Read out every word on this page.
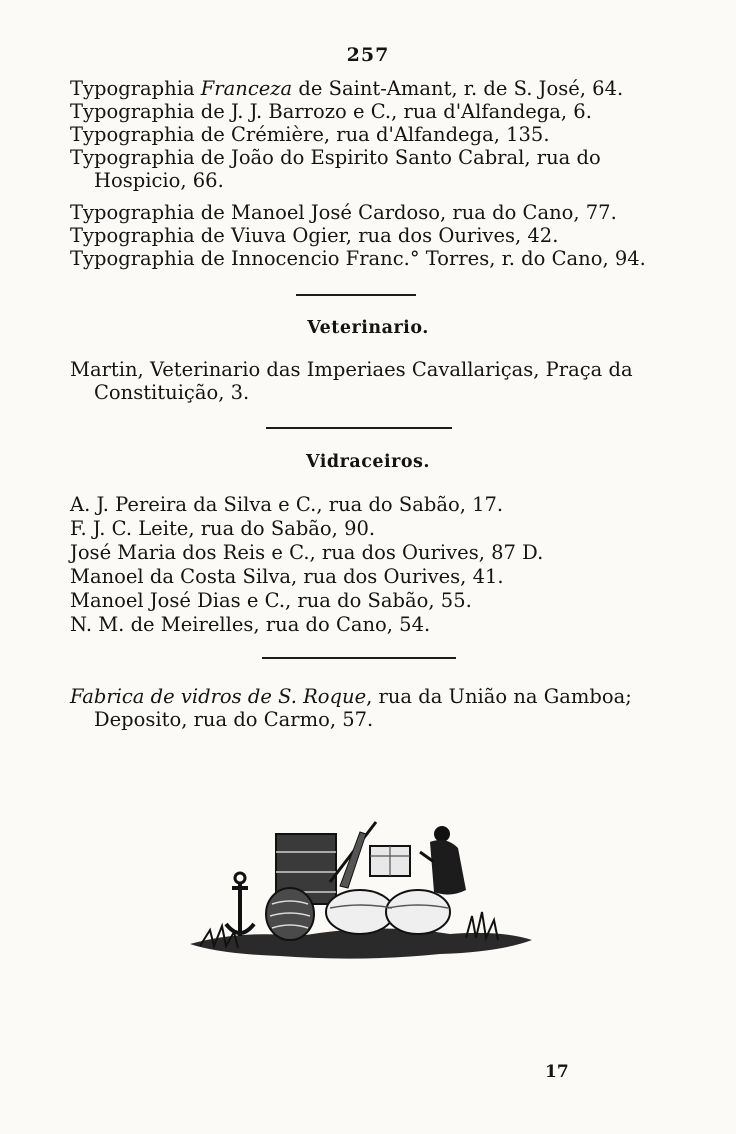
257
Typographia Franceza de Saint-Amant, r. de S. José, 64.
Typographia de J. J. Barrozo e C., rua d'Alfandega, 6.
Typographia de Crémière, rua d'Alfandega, 135.
Typographia de João do Espirito Santo Cabral, rua do Hospicio, 66.
Typographia de Manoel José Cardoso, rua do Cano, 77.
Typographia de Viuva Ogier, rua dos Ourives, 42.
Typographia de Innocencio Franc.° Torres, r. do Cano, 94.
Veterinario.
Martin, Veterinario das Imperiaes Cavallariças, Praça da Constituição, 3.
Vidraceiros.
A. J. Pereira da Silva e C., rua do Sabão, 17.
F. J. C. Leite, rua do Sabão, 90.
José Maria dos Reis e C., rua dos Ourives, 87 D.
Manoel da Costa Silva, rua dos Ourives, 41.
Manoel José Dias e C., rua do Sabão, 55.
N. M. de Meirelles, rua do Cano, 54.
Fabrica de vidros de S. Roque, rua da União na Gamboa; Deposito, rua do Carmo, 57.
17
